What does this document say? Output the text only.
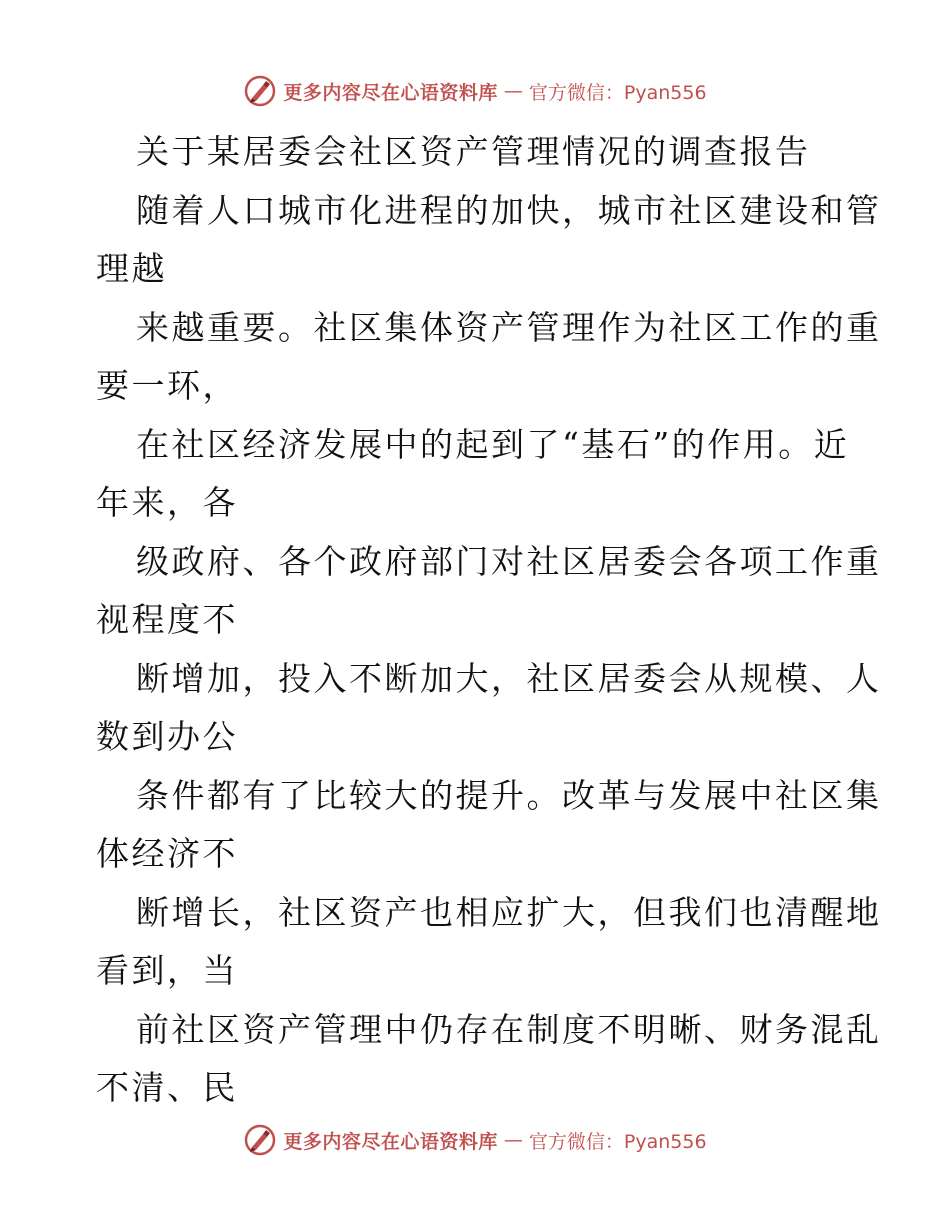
更多内容尽在心语资料库 — 官方微信：Pyan556
关于某居委会社区资产管理情况的调查报告
随着人口城市化进程的加快，城市社区建设和管
理越
来越重要。社区集体资产管理作为社区工作的重
要一环，
在社区经济发展中的起到了“基石”的作用。近
年来，各
级政府、各个政府部门对社区居委会各项工作重
视程度不
断增加，投入不断加大，社区居委会从规模、人
数到办公
条件都有了比较大的提升。改革与发展中社区集
体经济不
断增长，社区资产也相应扩大，但我们也清醒地
看到，当
前社区资产管理中仍存在制度不明晰、财务混乱
不清、民
更多内容尽在心语资料库 — 官方微信：Pyan556
